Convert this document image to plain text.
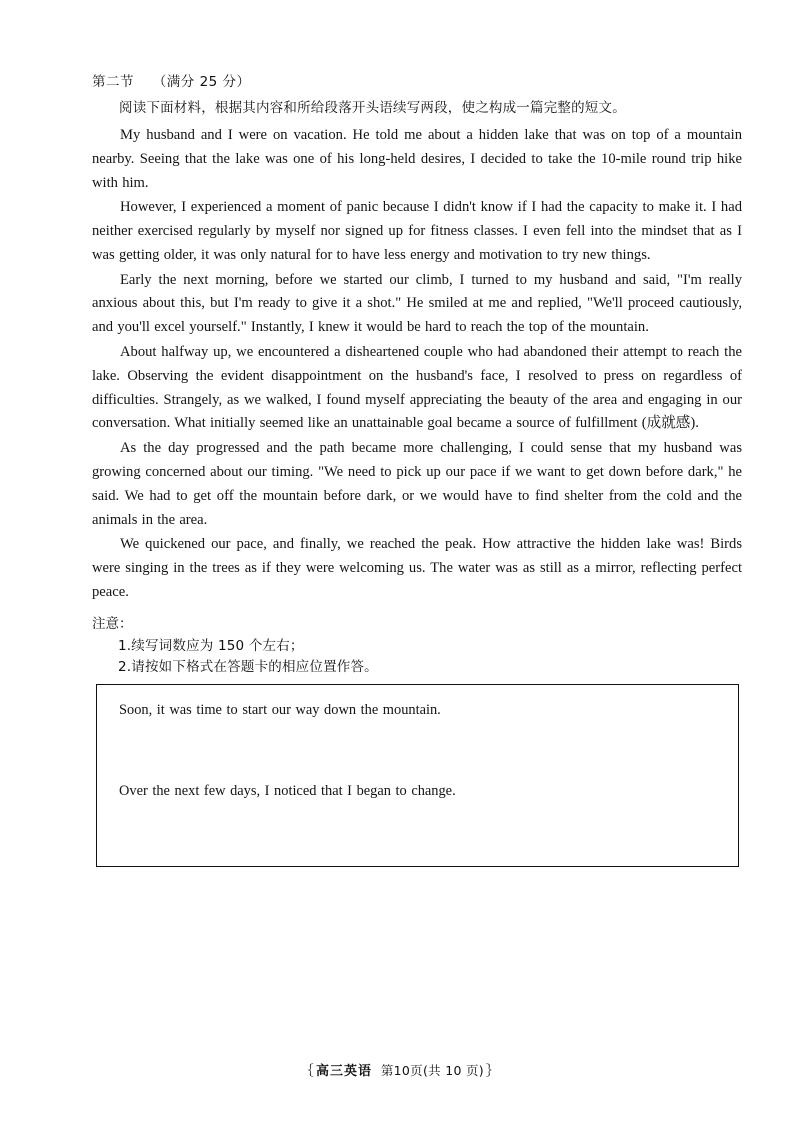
第二节 （满分 25 分）

阅读下面材料，根据其内容和所给段落开头语续写两段，使之构成一篇完整的短文。

My husband and I were on vacation. He told me about a hidden lake that was on top of a mountain nearby. Seeing that the lake was one of his long-held desires, I decided to take the 10-mile round trip hike with him.

However, I experienced a moment of panic because I didn't know if I had the capacity to make it. I had neither exercised regularly by myself nor signed up for fitness classes. I even fell into the mindset that as I was getting older, it was only natural for to have less energy and motivation to try new things.

Early the next morning, before we started our climb, I turned to my husband and said, "I'm really anxious about this, but I'm ready to give it a shot." He smiled at me and replied, "We'll proceed cautiously, and you'll excel yourself." Instantly, I knew it would be hard to reach the top of the mountain.

About halfway up, we encountered a disheartened couple who had abandoned their attempt to reach the lake. Observing the evident disappointment on the husband's face, I resolved to press on regardless of difficulties. Strangely, as we walked, I found myself appreciating the beauty of the area and engaging in our conversation. What initially seemed like an unattainable goal became a source of fulfillment (成就感).

As the day progressed and the path became more challenging, I could sense that my husband was growing concerned about our timing. "We need to pick up our pace if we want to get down before dark," he said. We had to get off the mountain before dark, or we would have to find shelter from the cold and the animals in the area.

We quickened our pace, and finally, we reached the peak. How attractive the hidden lake was! Birds were singing in the trees as if they were welcoming us. The water was as still as a mirror, reflecting perfect peace.

注意：

1.续写词数应为 150 个左右；

2.请按如下格式在答题卡的相应位置作答。

Soon, it was time to start our way down the mountain.

Over the next few days, I noticed that I began to change.

｛ 高三英语 第10页(共 10 页) ｝
